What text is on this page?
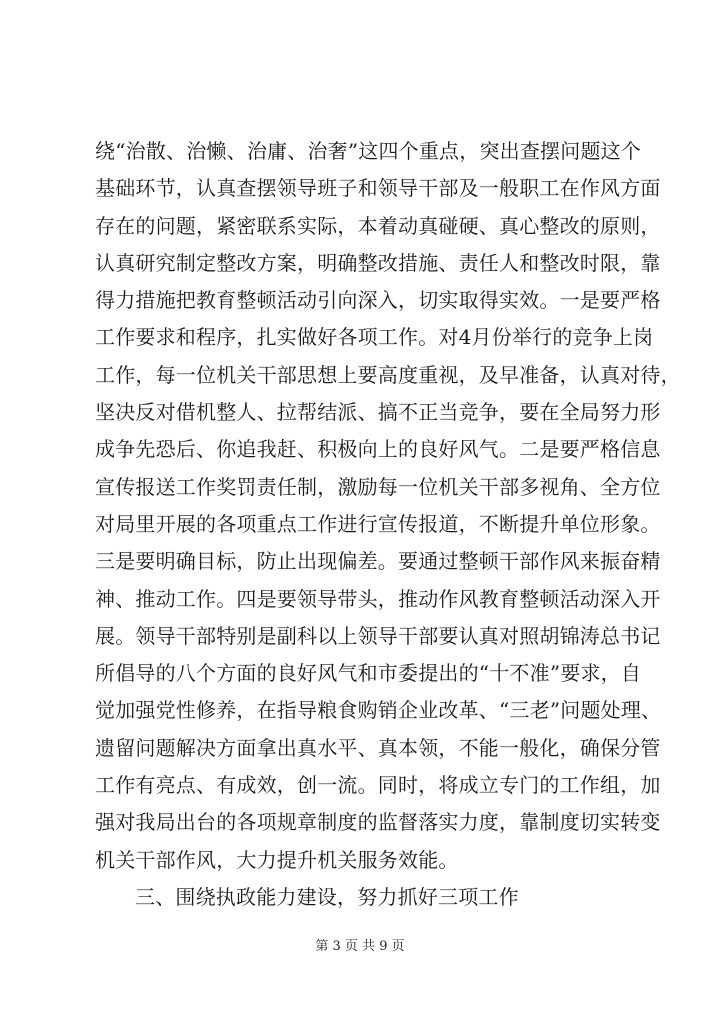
绕“治散、治懒、治庸、治奢”这四个重点，突出查摆问题这个
基础环节，认真查摆领导班子和领导干部及一般职工在作风方面
存在的问题，紧密联系实际，本着动真碰硬、真心整改的原则，
认真研究制定整改方案，明确整改措施、责任人和整改时限，靠
得力措施把教育整顿活动引向深入，切实取得实效。一是要严格
工作要求和程序，扎实做好各项工作。对4月份举行的竞争上岗
工作，每一位机关干部思想上要高度重视，及早准备，认真对待，
坚决反对借机整人、拉帮结派、搞不正当竞争，要在全局努力形
成争先恐后、你追我赶、积极向上的良好风气。二是要严格信息
宣传报送工作奖罚责任制，激励每一位机关干部多视角、全方位
对局里开展的各项重点工作进行宣传报道，不断提升单位形象。
三是要明确目标，防止出现偏差。要通过整顿干部作风来振奋精
神、推动工作。四是要领导带头，推动作风教育整顿活动深入开
展。领导干部特别是副科以上领导干部要认真对照胡锦涛总书记
所倡导的八个方面的良好风气和市委提出的“十不准”要求，自
觉加强党性修养，在指导粮食购销企业改革、“三老”问题处理、
遗留问题解决方面拿出真水平、真本领，不能一般化，确保分管
工作有亮点、有成效，创一流。同时，将成立专门的工作组，加
强对我局出台的各项规章制度的监督落实力度，靠制度切实转变
机关干部作风，大力提升机关服务效能。
三、围绕执政能力建设，努力抓好三项工作
第 3 页 共 9 页
